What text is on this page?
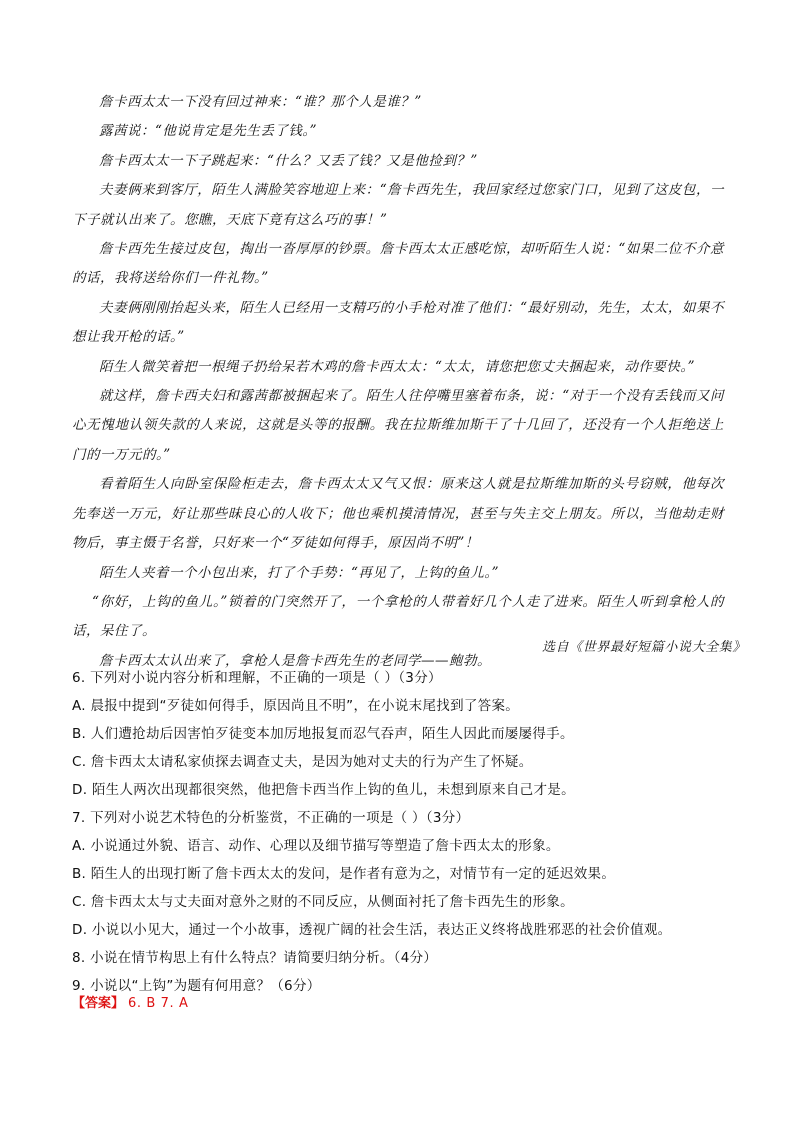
詹卡西太太一下没有回过神来：“谁？那个人是谁？”

露茜说：“他说肯定是先生丢了钱。”

詹卡西太太一下子跳起来：“什么？又丢了钱？又是他捡到？”

夫妻俩来到客厅，陌生人满脸笑容地迎上来：“詹卡西先生，我回家经过您家门口，见到了这皮包，一下子就认出来了。您瞧，天底下竟有这么巧的事！”

詹卡西先生接过皮包，掏出一沓厚厚的钞票。詹卡西太太正感吃惊，却听陌生人说：“如果二位不介意的话，我将送给你们一件礼物。”

夫妻俩刚刚抬起头来，陌生人已经用一支精巧的小手枪对准了他们：“最好别动，先生，太太，如果不想让我开枪的话。”

陌生人微笑着把一根绳子扔给呆若木鸡的詹卡西太太：“太太，请您把您丈夫捆起来，动作要快。”

就这样，詹卡西夫妇和露茜都被捆起来了。陌生人往停嘴里塞着布条，说：“对于一个没有丢钱而又问心无愧地认领失款的人来说，这就是头等的报酬。我在拉斯维加斯干了十几回了，还没有一个人拒绝送上门的一万元的。”

看着陌生人向卧室保险柜走去，詹卡西太太又气又恨：原来这人就是拉斯维加斯的头号窃贼，他每次先奉送一万元，好让那些昧良心的人收下；他也乘机摸清情况，甚至与失主交上朋友。所以，当他劫走财物后，事主慑于名誉，只好来一个“歹徒如何得手，原因尚不明”！

陌生人夹着一个小包出来，打了个手势：“再见了，上钩的鱼儿。”

“你好，上钩的鱼儿。”锁着的门突然开了，一个拿枪的人带着好几个人走了进来。陌生人听到拿枪人的话，呆住了。

詹卡西太太认出来了，拿枪人是詹卡西先生的老同学——鲍勃。

选自《世界最好短篇小说大全集》
6. 下列对小说内容分析和理解，不正确的一项是（ ）（3分）
A. 晨报中提到“歹徒如何得手，原因尚且不明”，在小说末尾找到了答案。
B. 人们遭抢劫后因害怕歹徒变本加厉地报复而忍气吞声，陌生人因此而屡屡得手。
C. 詹卡西太太请私家侦探去调查丈夫，是因为她对丈夫的行为产生了怀疑。
D. 陌生人两次出现都很突然，他把詹卡西当作上钩的鱼儿，未想到原来自己才是。
7. 下列对小说艺术特色的分析鉴赏，不正确的一项是（ ）（3分）
A. 小说通过外貌、语言、动作、心理以及细节描写等塑造了詹卡西太太的形象。
B. 陌生人的出现打断了詹卡西太太的发问，是作者有意为之，对情节有一定的延迟效果。
C. 詹卡西太太与丈夫面对意外之财的不同反应，从侧面衬托了詹卡西先生的形象。
D. 小说以小见大，通过一个小故事，透视广阔的社会生活，表达正义终将战胜邪恶的社会价值观。
8. 小说在情节构思上有什么特点？请简要归纳分析。（4分）
9. 小说以“上钩”为题有何用意？（6分）
【答案】 6. B 7. A
